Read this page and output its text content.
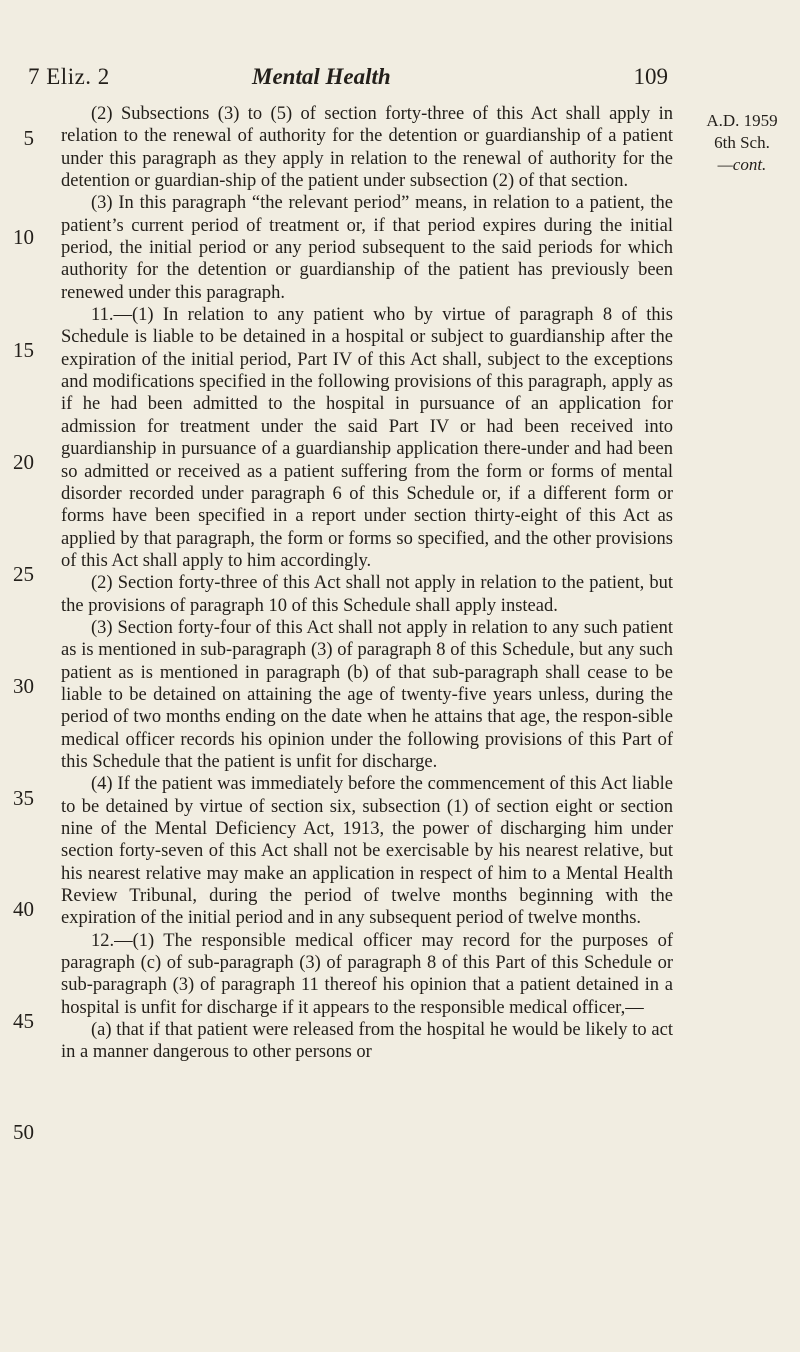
7 Eliz. 2	Mental Health	109
A.D. 1959
6th Sch.
—cont.
5
10
15
20
25
30
35
40
45
50

(2) Subsections (3) to (5) of section forty-three of this Act shall apply in relation to the renewal of authority for the detention or guardianship of a patient under this paragraph as they apply in relation to the renewal of authority for the detention or guardian-ship of the patient under subsection (2) of that section.

(3) In this paragraph “the relevant period” means, in relation to a patient, the patient’s current period of treatment or, if that period expires during the initial period, the initial period or any period subsequent to the said periods for which authority for the detention or guardianship of the patient has previously been renewed under this paragraph.

11.—(1) In relation to any patient who by virtue of paragraph 8 of this Schedule is liable to be detained in a hospital or subject to guardianship after the expiration of the initial period, Part IV of this Act shall, subject to the exceptions and modifications specified in the following provisions of this paragraph, apply as if he had been admitted to the hospital in pursuance of an application for admission for treatment under the said Part IV or had been received into guardianship in pursuance of a guardianship application there-under and had been so admitted or received as a patient suffering from the form or forms of mental disorder recorded under paragraph 6 of this Schedule or, if a different form or forms have been specified in a report under section thirty-eight of this Act as applied by that paragraph, the form or forms so specified, and the other provisions of this Act shall apply to him accordingly.

(2) Section forty-three of this Act shall not apply in relation to the patient, but the provisions of paragraph 10 of this Schedule shall apply instead.

(3) Section forty-four of this Act shall not apply in relation to any such patient as is mentioned in sub-paragraph (3) of paragraph 8 of this Schedule, but any such patient as is mentioned in paragraph (b) of that sub-paragraph shall cease to be liable to be detained on attaining the age of twenty-five years unless, during the period of two months ending on the date when he attains that age, the respon-sible medical officer records his opinion under the following provisions of this Part of this Schedule that the patient is unfit for discharge.

(4) If the patient was immediately before the commencement of this Act liable to be detained by virtue of section six, subsection (1) of section eight or section nine of the Mental Deficiency Act, 1913, the power of discharging him under section forty-seven of this Act shall not be exercisable by his nearest relative, but his nearest relative may make an application in respect of him to a Mental Health Review Tribunal, during the period of twelve months beginning with the expiration of the initial period and in any subsequent period of twelve months.

12.—(1) The responsible medical officer may record for the purposes of paragraph (c) of sub-paragraph (3) of paragraph 8 of this Part of this Schedule or sub-paragraph (3) of paragraph 11 thereof his opinion that a patient detained in a hospital is unfit for discharge if it appears to the responsible medical officer,—

(a) that if that patient were released from the hospital he would be likely to act in a manner dangerous to other persons or
